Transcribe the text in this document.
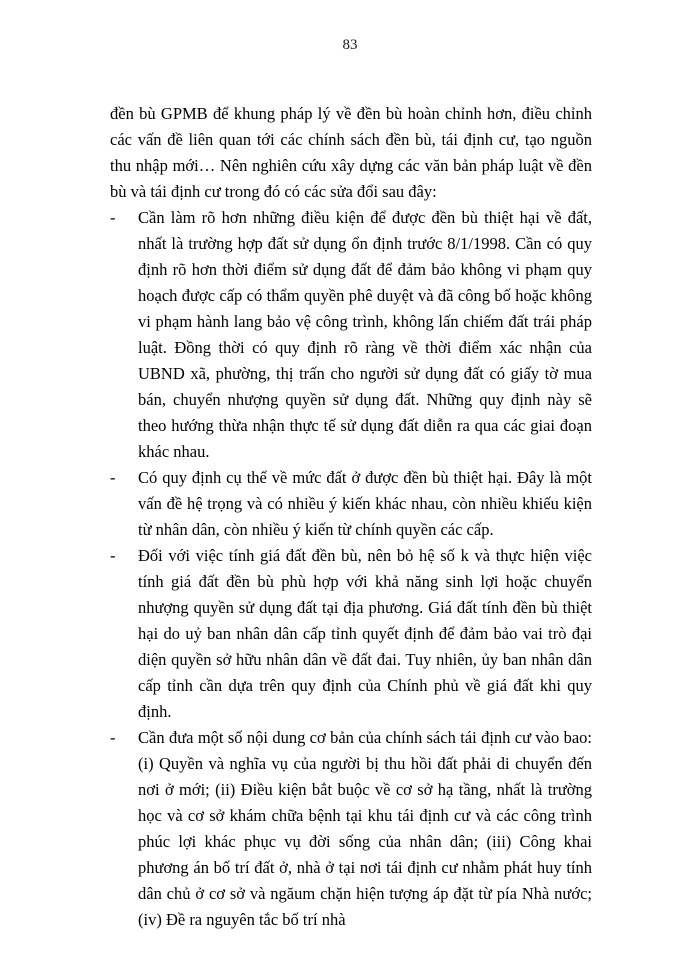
83

đền bù GPMB để khung pháp lý về đền bù hoàn chỉnh hơn, điều chỉnh các vấn đề liên quan tới các chính sách đền bù, tái định cư, tạo nguồn thu nhập mới… Nên nghiên cứu xây dựng các văn bản pháp luật về đền bù và tái định cư trong đó có các sửa đổi sau đây:

-	Cần làm rõ hơn những điều kiện để được đền bù thiệt hại về đất, nhất là trường hợp đất sử dụng ổn định trước 8/1/1998. Cần có quy định rõ hơn thời điểm sử dụng đất để đảm bảo không vi phạm quy hoạch được cấp có thẩm quyền phê duyệt và đã công bố hoặc không vi phạm hành lang bảo vệ công trình, không lấn chiếm đất trái pháp luật. Đồng thời có quy định rõ ràng về thời điểm xác nhận của UBND xã, phường, thị trấn cho người sử dụng đất có giấy tờ mua bán, chuyển nhượng quyền sử dụng đất. Những quy định này sẽ theo hướng thừa nhận thực tế sử dụng đất diễn ra qua các giai đoạn khác nhau.

-	Có quy định cụ thể về mức đất ở được đền bù thiệt hại. Đây là một vấn đề hệ trọng và có nhiều ý kiến khác nhau, còn nhiều khiếu kiện từ nhân dân, còn nhiều ý kiến từ chính quyền các cấp.

-	Đối với việc tính giá đất đền bù, nên bỏ hệ số k và thực hiện việc tính giá đất đền bù phù hợp với khả năng sinh lợi hoặc chuyển nhượng quyền sử dụng đất tại địa phương. Giá đất tính đền bù thiệt hại do uỷ ban nhân dân cấp tỉnh quyết định để đảm bảo vai trò đại diện quyền sở hữu nhân dân về đất đai. Tuy nhiên, ủy ban nhân dân cấp tỉnh cần dựa trên quy định của Chính phủ về giá đất khi quy định.

-	Cần đưa một số nội dung cơ bản của chính sách tái định cư vào bao: (i) Quyền và nghĩa vụ của người bị thu hồi đất phải di chuyển đến nơi ở mới; (ii) Điều kiện bắt buộc về cơ sở hạ tầng, nhất là trường học và cơ sở khám chữa bệnh tại khu tái định cư và các công trình phúc lợi khác phục vụ đời sống của nhân dân; (iii) Công khai phương án bố trí đất ở, nhà ở tại nơi tái định cư nhằm phát huy tính dân chủ ở cơ sở và ngăum chặn hiện tượng áp đặt từ pía Nhà nước; (iv) Đề ra nguyên tắc bố trí nhà
